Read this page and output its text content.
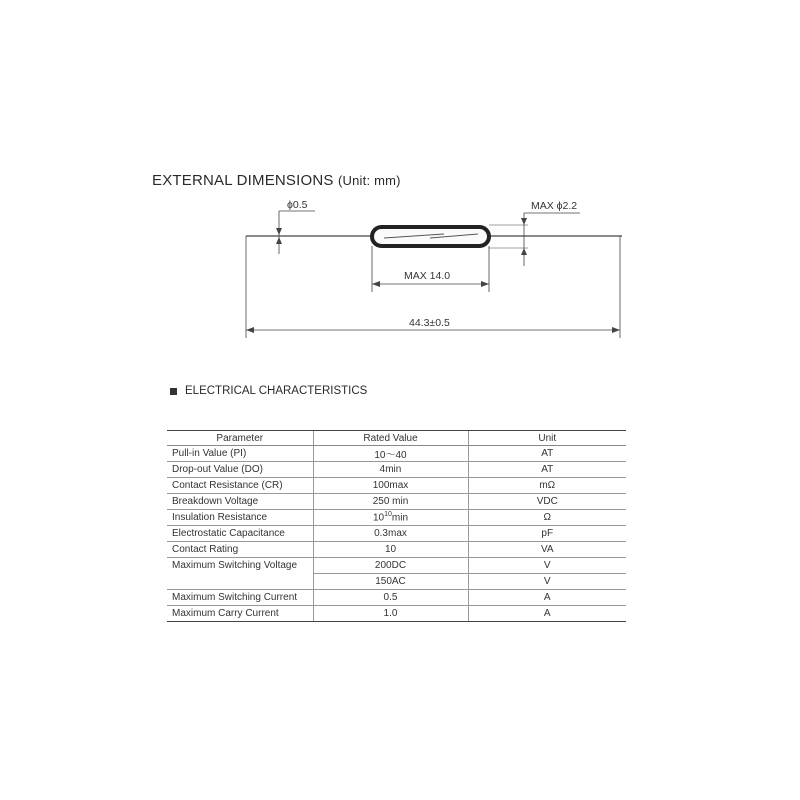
EXTERNAL DIMENSIONS (Unit: mm)
ϕ0.5	MAX ϕ2.2
MAX 14.0
44.3±0.5
ELECTRICAL CHARACTERISTICS
Parameter	Rated Value	Unit
Pull-in Value (PI)	10～40	AT
Drop-out Value (DO)	4min	AT
Contact Resistance (CR)	100max	mΩ
Breakdown Voltage	250 min	VDC
Insulation Resistance	$10^{10}\min$	Ω
Electrostatic Capacitance	0.3max	pF
Contact Rating	10	VA
Maximum Switching Voltage	200DC	V
	150AC	V
Maximum Switching Current	0.5	A
Maximum Carry Current	1.0	A
